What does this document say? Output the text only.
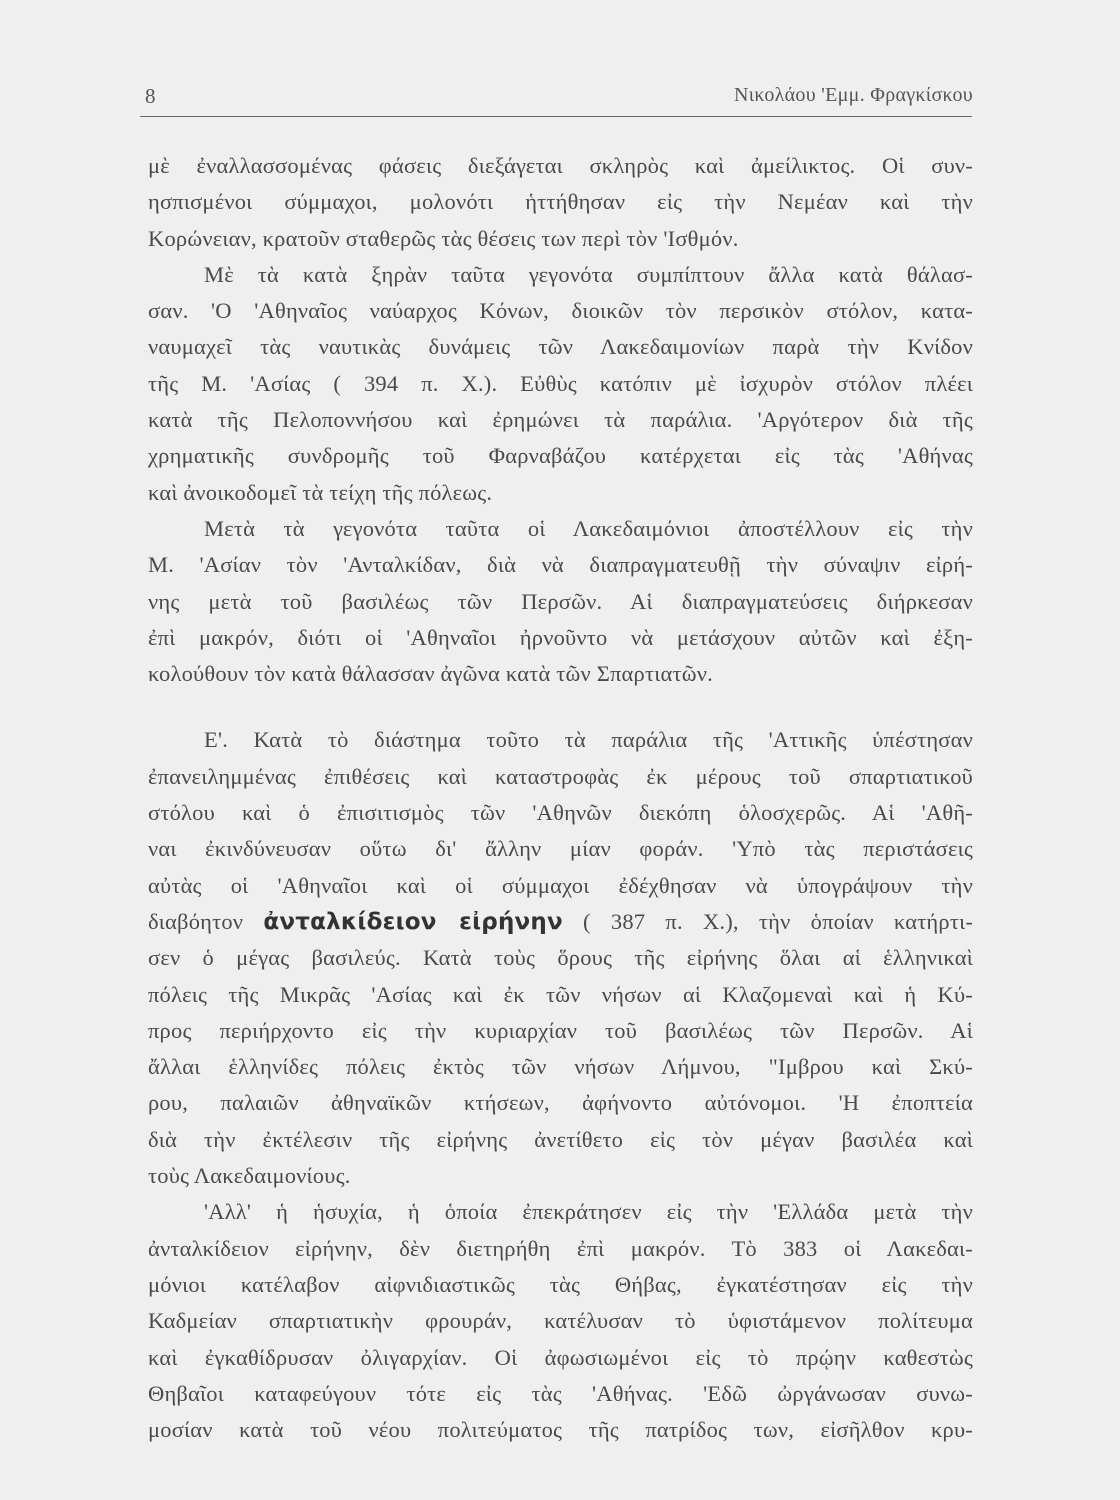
8	Νικολάου 'Εμμ. Φραγκίσκου
μὲ ἐναλλασσομένας φάσεις διεξάγεται σκληρὸς καὶ ἀμείλικτος. Οἱ συν-
ησπισμένοι σύμμαχοι, μολονότι ἡττήθησαν εἰς τὴν Νεμέαν καὶ τὴν
Κορώνειαν, κρατοῦν σταθερῶς τὰς θέσεις των περὶ τὸν 'Ισθμόν.
Μὲ τὰ κατὰ ξηρὰν ταῦτα γεγονότα συμπίπτουν ἄλλα κατὰ θάλασ-
σαν. 'Ο 'Αθηναῖος ναύαρχος Κόνων, διοικῶν τὸν περσικὸν στόλον, κατα-
ναυμαχεῖ τὰς ναυτικὰς δυνάμεις τῶν Λακεδαιμονίων παρὰ τὴν Κνίδον
τῆς Μ. 'Ασίας ( 394 π. Χ.). Εὐθὺς κατόπιν μὲ ἰσχυρὸν στόλον πλέει
κατὰ τῆς Πελοποννήσου καὶ ἐρημώνει τὰ παράλια. 'Αργότερον διὰ τῆς
χρηματικῆς συνδρομῆς τοῦ Φαρναβάζου κατέρχεται εἰς τὰς 'Αθήνας
καὶ ἀνοικοδομεῖ τὰ τείχη τῆς πόλεως.
Μετὰ τὰ γεγονότα ταῦτα οἱ Λακεδαιμόνιοι ἀποστέλλουν εἰς τὴν
Μ. 'Ασίαν τὸν 'Ανταλκίδαν, διὰ νὰ διαπραγματευθῇ τὴν σύναψιν εἰρή-
νης μετὰ τοῦ βασιλέως τῶν Περσῶν. Αἱ διαπραγματεύσεις διήρκεσαν
ἐπὶ μακρόν, διότι οἱ 'Αθηναῖοι ἠρνοῦντο νὰ μετάσχουν αὐτῶν καὶ ἐξη-
κολούθουν τὸν κατὰ θάλασσαν ἀγῶνα κατὰ τῶν Σπαρτιατῶν.
Ε'. Κατὰ τὸ διάστημα τοῦτο τὰ παράλια τῆς 'Αττικῆς ὑπέστησαν
ἐπανειλημμένας ἐπιθέσεις καὶ καταστροφὰς ἐκ μέρους τοῦ σπαρτιατικοῦ
στόλου καὶ ὁ ἐπισιτισμὸς τῶν 'Αθηνῶν διεκόπη ὁλοσχερῶς. Αἱ 'Αθῆ-
ναι ἐκινδύνευσαν οὕτω δι' ἄλλην μίαν φοράν. 'Υπὸ τὰς περιστάσεις
αὐτὰς οἱ 'Αθηναῖοι καὶ οἱ σύμμαχοι ἐδέχθησαν νὰ ὑπογράψουν τὴν
διαβόητον ἀνταλκίδειον εἰρήνην ( 387 π. Χ.), τὴν ὁποίαν κατήρτι-
σεν ὁ μέγας βασιλεύς. Κατὰ τοὺς ὅρους τῆς εἰρήνης ὅλαι αἱ ἑλληνικαὶ
πόλεις τῆς Μικρᾶς 'Ασίας καὶ ἐκ τῶν νήσων αἱ Κλαζομεναὶ καὶ ἡ Κύ-
προς περιήρχοντο εἰς τὴν κυριαρχίαν τοῦ βασιλέως τῶν Περσῶν. Αἱ
ἄλλαι ἑλληνίδες πόλεις ἐκτὸς τῶν νήσων Λήμνου, "Ιμβρου καὶ Σκύ-
ρου, παλαιῶν ἀθηναϊκῶν κτήσεων, ἀφήνοντο αὐτόνομοι. 'Η ἐποπτεία
διὰ τὴν ἐκτέλεσιν τῆς εἰρήνης ἀνετίθετο εἰς τὸν μέγαν βασιλέα καὶ
τοὺς Λακεδαιμονίους.
'Αλλ' ἡ ἡσυχία, ἡ ὁποία ἐπεκράτησεν εἰς τὴν 'Ελλάδα μετὰ τὴν
ἀνταλκίδειον εἰρήνην, δὲν διετηρήθη ἐπὶ μακρόν. Τὸ 383 οἱ Λακεδαι-
μόνιοι κατέλαβον αἰφνιδιαστικῶς τὰς Θήβας, ἐγκατέστησαν εἰς τὴν
Καδμείαν σπαρτιατικὴν φρουράν, κατέλυσαν τὸ ὑφιστάμενον πολίτευμα
καὶ ἐγκαθίδρυσαν ὀλιγαρχίαν. Οἱ ἀφωσιωμένοι εἰς τὸ πρῴην καθεστὼς
Θηβαῖοι καταφεύγουν τότε εἰς τὰς 'Αθήνας. 'Εδῶ ὠργάνωσαν συνω-
μοσίαν κατὰ τοῦ νέου πολιτεύματος τῆς πατρίδος των, εἰσῆλθον κρυ-
